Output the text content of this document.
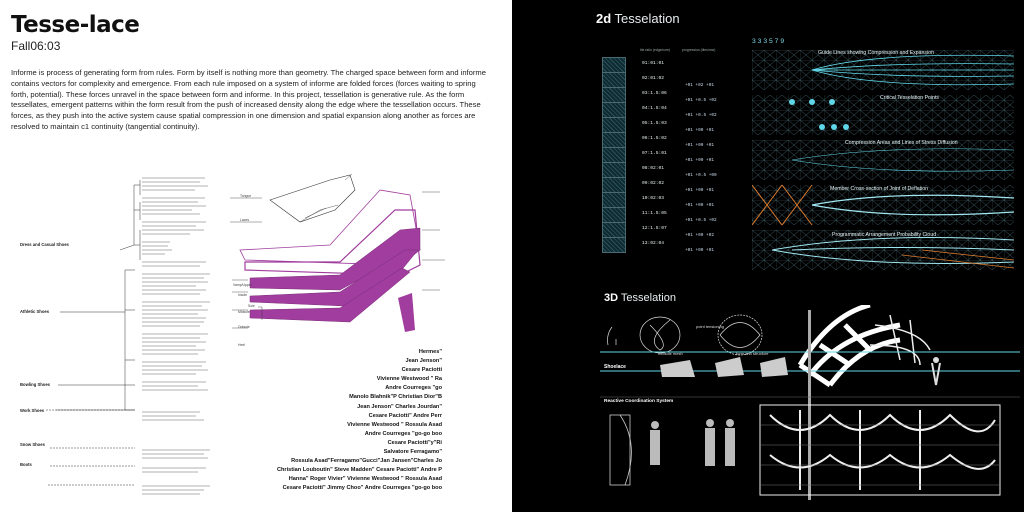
Tesse-lace
Fall06:03
Informe is process of generating form from rules. Form by itself is nothing more than geometry. The charged space between form and informe contains vectors for complexity and emergence. From each rule imposed on a system of informe are folded forces (forces waiting to spring forth, potential). These forces unravel in the space between form and informe. In this project, tessellation is generative rule. As the form tessellates, emergent patterns within the form result from the push of increased density along the edge where the tessellation occurs. These forces, as they push into the active system cause spatial compression in one dimension and spatial expansion along another as forces are resolved to maintain c1 continuity (tangential continuity).
Dress and Casual Shoes
Athletic Shoes
Bowling Shoes
Work Shoes
Snow Shoes
Boots
Tongue
Laces
Vamp/Upper
Insole
Midsole
Outsole
Sole
Heel
Hermes"
Jean Jenson"
Cesare Paciotti
Vivienne Westwood " Ra
Andre Courreges "go
Manolo Blahnik"P Christian Dior"B
Jean Jenson" Charles Jourdan"
Cesare Paciotti" Andre Perr
Vivienne Westwood " Rossula Asad
Andre Courreges "go-go boo
Cesare Paciotti"y"Ri
Salvatore Ferragamo"
Rossula Asad"Ferragamo"Gucci"Jan Jansen"Charles Jo
Christian Louboutin" Steve Madden" Cesare Paciotti" Andre P
Hanna" Roger Vivier" Vivienne Westwood " Rossula Asad
Cesare Paciotti" Jimmy Choo" Andre Courreges "go-go boo
2d Tesselation
tile ratio (edge/core)	progression (tiles/row)
3 3 3 5 7 9
01:01:01
02:01:02
+01 +02 +01
03:1.5:06
+01 +0.5 +02
04:1.5:04
+01 +0.5 +02
05:1.5:03
+01 +00 +01
06:1.5:02
+01 +00 +01
07:1.5:01
+01 +00 +01
08:02:01
+01 +0.5 +00
09:02:02
+01 +00 +01
10:02:03
+01 +00 +01
11:1.5:05
+01 +0.5 +02
12:1.5:07
+01 +00 +02
13:02:04
+01 +00 +01
Guide Lines showing Compression and Expansion
Critical Tesselation Points
Compression Areas and Lines of Stress Diffusion
Member Cross-section of Joint of Deflation
Programmatic Arrangement Probability Cloud
3D Tesselation
midsole mesh	form and structure
point tensioning
Shoelace
Reactive Coordination System
